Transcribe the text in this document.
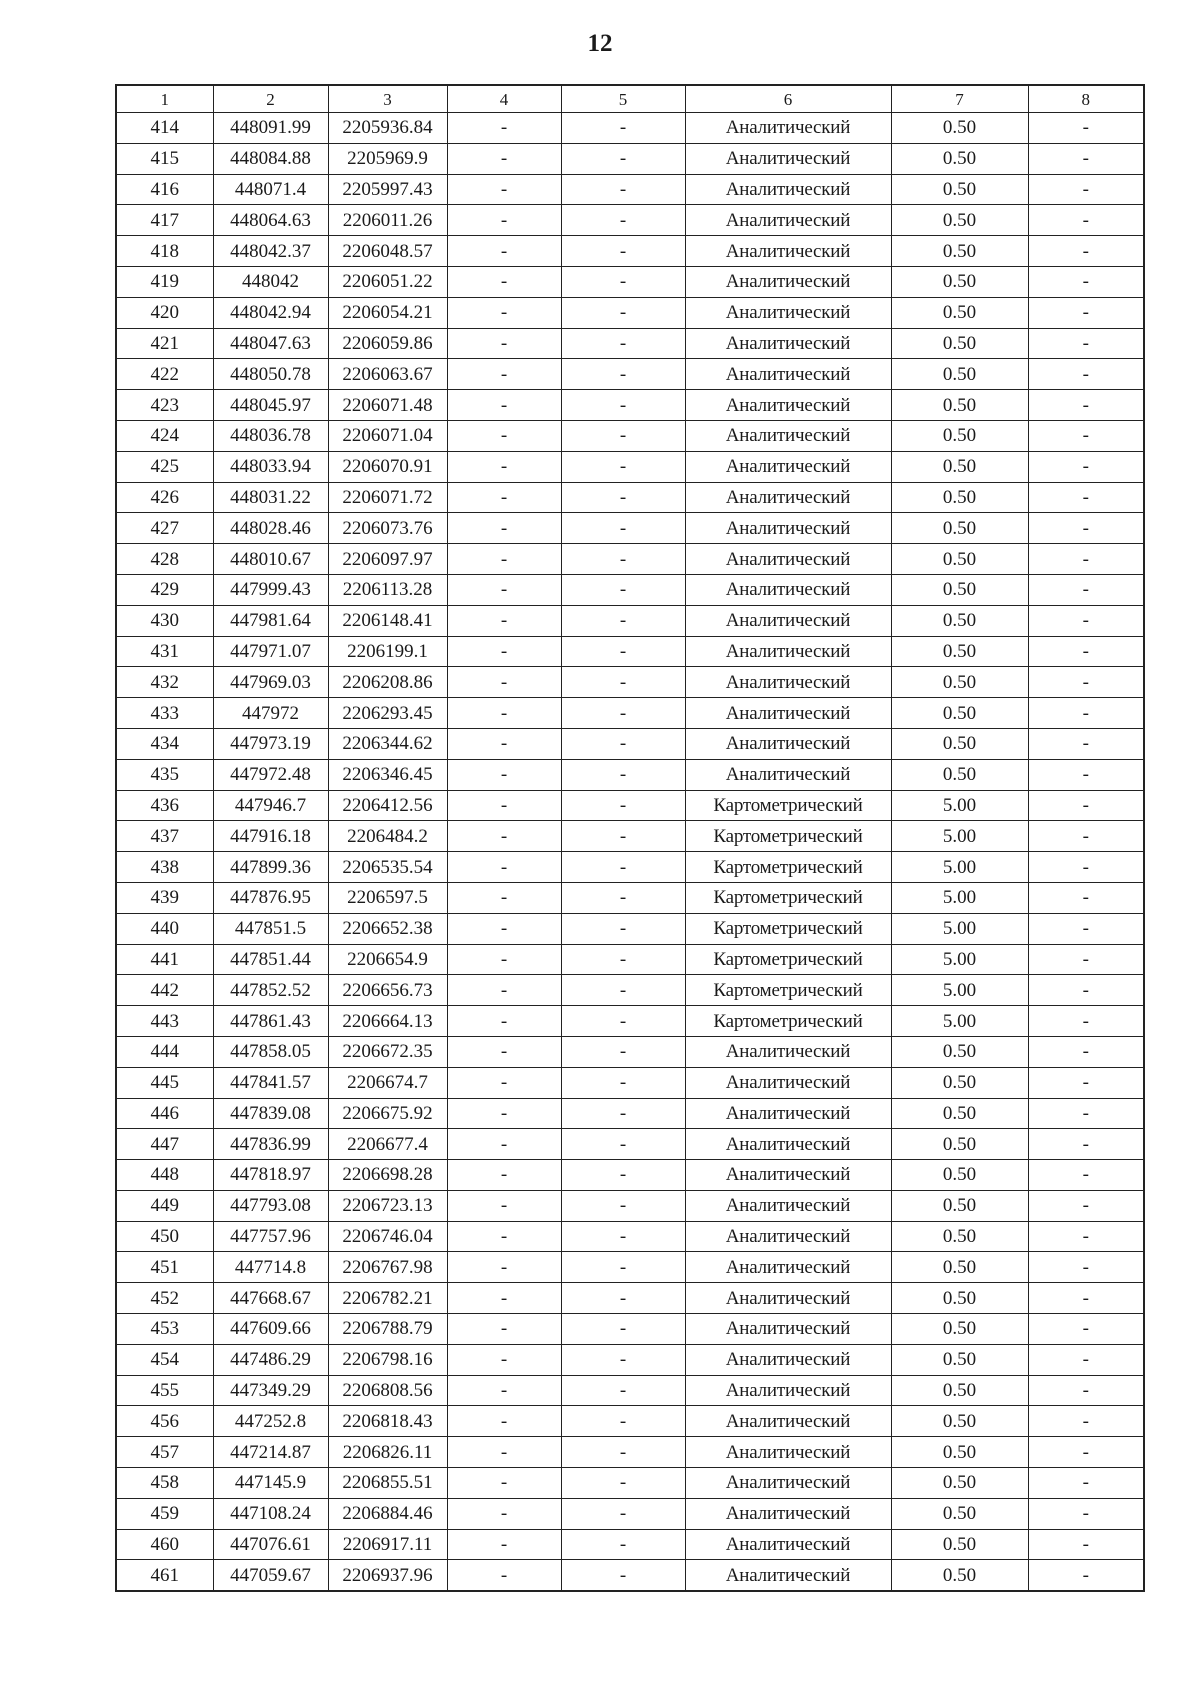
12
1	2	3	4	5	6	7	8
414	448091.99	2205936.84	-	-	Аналитический	0.50	-
415	448084.88	2205969.9	-	-	Аналитический	0.50	-
416	448071.4	2205997.43	-	-	Аналитический	0.50	-
417	448064.63	2206011.26	-	-	Аналитический	0.50	-
418	448042.37	2206048.57	-	-	Аналитический	0.50	-
419	448042	2206051.22	-	-	Аналитический	0.50	-
420	448042.94	2206054.21	-	-	Аналитический	0.50	-
421	448047.63	2206059.86	-	-	Аналитический	0.50	-
422	448050.78	2206063.67	-	-	Аналитический	0.50	-
423	448045.97	2206071.48	-	-	Аналитический	0.50	-
424	448036.78	2206071.04	-	-	Аналитический	0.50	-
425	448033.94	2206070.91	-	-	Аналитический	0.50	-
426	448031.22	2206071.72	-	-	Аналитический	0.50	-
427	448028.46	2206073.76	-	-	Аналитический	0.50	-
428	448010.67	2206097.97	-	-	Аналитический	0.50	-
429	447999.43	2206113.28	-	-	Аналитический	0.50	-
430	447981.64	2206148.41	-	-	Аналитический	0.50	-
431	447971.07	2206199.1	-	-	Аналитический	0.50	-
432	447969.03	2206208.86	-	-	Аналитический	0.50	-
433	447972	2206293.45	-	-	Аналитический	0.50	-
434	447973.19	2206344.62	-	-	Аналитический	0.50	-
435	447972.48	2206346.45	-	-	Аналитический	0.50	-
436	447946.7	2206412.56	-	-	Картометрический	5.00	-
437	447916.18	2206484.2	-	-	Картометрический	5.00	-
438	447899.36	2206535.54	-	-	Картометрический	5.00	-
439	447876.95	2206597.5	-	-	Картометрический	5.00	-
440	447851.5	2206652.38	-	-	Картометрический	5.00	-
441	447851.44	2206654.9	-	-	Картометрический	5.00	-
442	447852.52	2206656.73	-	-	Картометрический	5.00	-
443	447861.43	2206664.13	-	-	Картометрический	5.00	-
444	447858.05	2206672.35	-	-	Аналитический	0.50	-
445	447841.57	2206674.7	-	-	Аналитический	0.50	-
446	447839.08	2206675.92	-	-	Аналитический	0.50	-
447	447836.99	2206677.4	-	-	Аналитический	0.50	-
448	447818.97	2206698.28	-	-	Аналитический	0.50	-
449	447793.08	2206723.13	-	-	Аналитический	0.50	-
450	447757.96	2206746.04	-	-	Аналитический	0.50	-
451	447714.8	2206767.98	-	-	Аналитический	0.50	-
452	447668.67	2206782.21	-	-	Аналитический	0.50	-
453	447609.66	2206788.79	-	-	Аналитический	0.50	-
454	447486.29	2206798.16	-	-	Аналитический	0.50	-
455	447349.29	2206808.56	-	-	Аналитический	0.50	-
456	447252.8	2206818.43	-	-	Аналитический	0.50	-
457	447214.87	2206826.11	-	-	Аналитический	0.50	-
458	447145.9	2206855.51	-	-	Аналитический	0.50	-
459	447108.24	2206884.46	-	-	Аналитический	0.50	-
460	447076.61	2206917.11	-	-	Аналитический	0.50	-
461	447059.67	2206937.96	-	-	Аналитический	0.50	-
